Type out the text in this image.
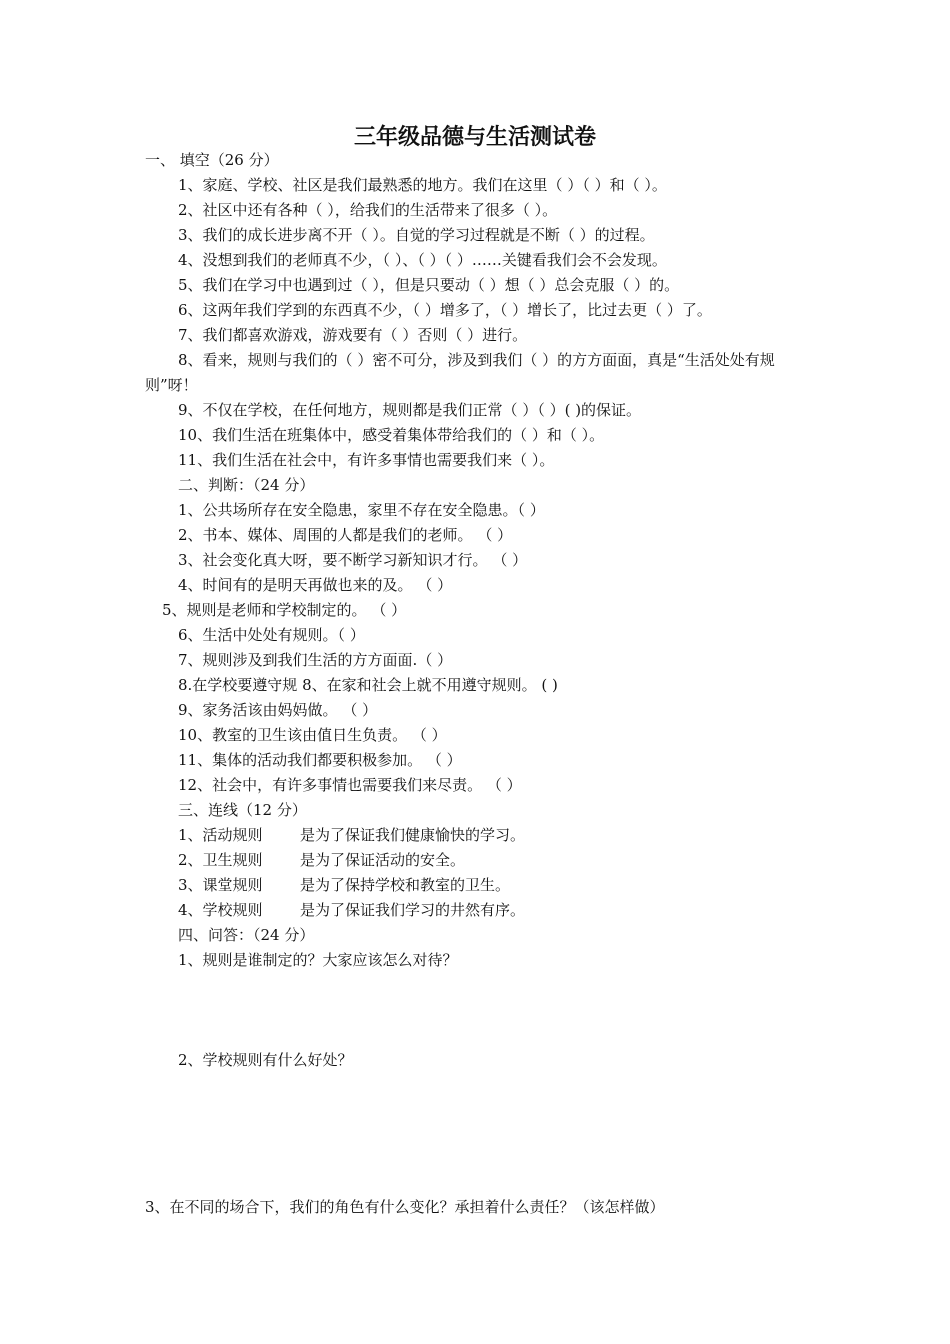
三年级品德与生活测试卷
一、 填空（26 分）
1、家庭、学校、社区是我们最熟悉的地方。我们在这里（ ）（ ）和（ ）。
2、社区中还有各种（ ），给我们的生活带来了很多（ ）。
3、我们的成长进步离不开（ ）。自觉的学习过程就是不断（ ）的过程。
4、没想到我们的老师真不少，（ ）、（ ）（ ）……关键看我们会不会发现。
5、我们在学习中也遇到过（ ），但是只要动（ ）想（ ）总会克服（ ）的。
6、这两年我们学到的东西真不少，（ ）增多了，（ ）增长了，比过去更（ ）了。
7、我们都喜欢游戏，游戏要有（ ）否则（ ）进行。
8、看来，规则与我们的（ ）密不可分，涉及到我们（ ）的方方面面，真是“生活处处有规
则”呀！
9、不仅在学校，在任何地方，规则都是我们正常（ ）（ ）( )的保证。
10、我们生活在班集体中，感受着集体带给我们的（ ）和（ ）。
11、我们生活在社会中，有许多事情也需要我们来（ ）。
二、判断：（24 分）
1、公共场所存在安全隐患，家里不存在安全隐患。（ ）
2、书本、媒体、周围的人都是我们的老师。 （ ）
3、社会变化真大呀，要不断学习新知识才行。 （ ）
4、时间有的是明天再做也来的及。 （ ）
5、规则是老师和学校制定的。 （ ）
6、生活中处处有规则。（ ）
7、规则涉及到我们生活的方方面面.（ ）
8.在学校要遵守规 8、在家和社会上就不用遵守规则。 ( )
9、家务活该由妈妈做。 （ ）
10、教室的卫生该由值日生负责。 （ ）
11、集体的活动我们都要积极参加。 （ ）
12、社会中，有许多事情也需要我们来尽责。 （ ）
三、连线（12 分）
1、活动规则 是为了保证我们健康愉快的学习。
2、卫生规则 是为了保证活动的安全。
3、课堂规则 是为了保持学校和教室的卫生。
4、学校规则 是为了保证我们学习的井然有序。
四、问答：（24 分）
1、规则是谁制定的？大家应该怎么对待？
2、学校规则有什么好处？
3、在不同的场合下，我们的角色有什么变化？承担着什么责任？（该怎样做）
